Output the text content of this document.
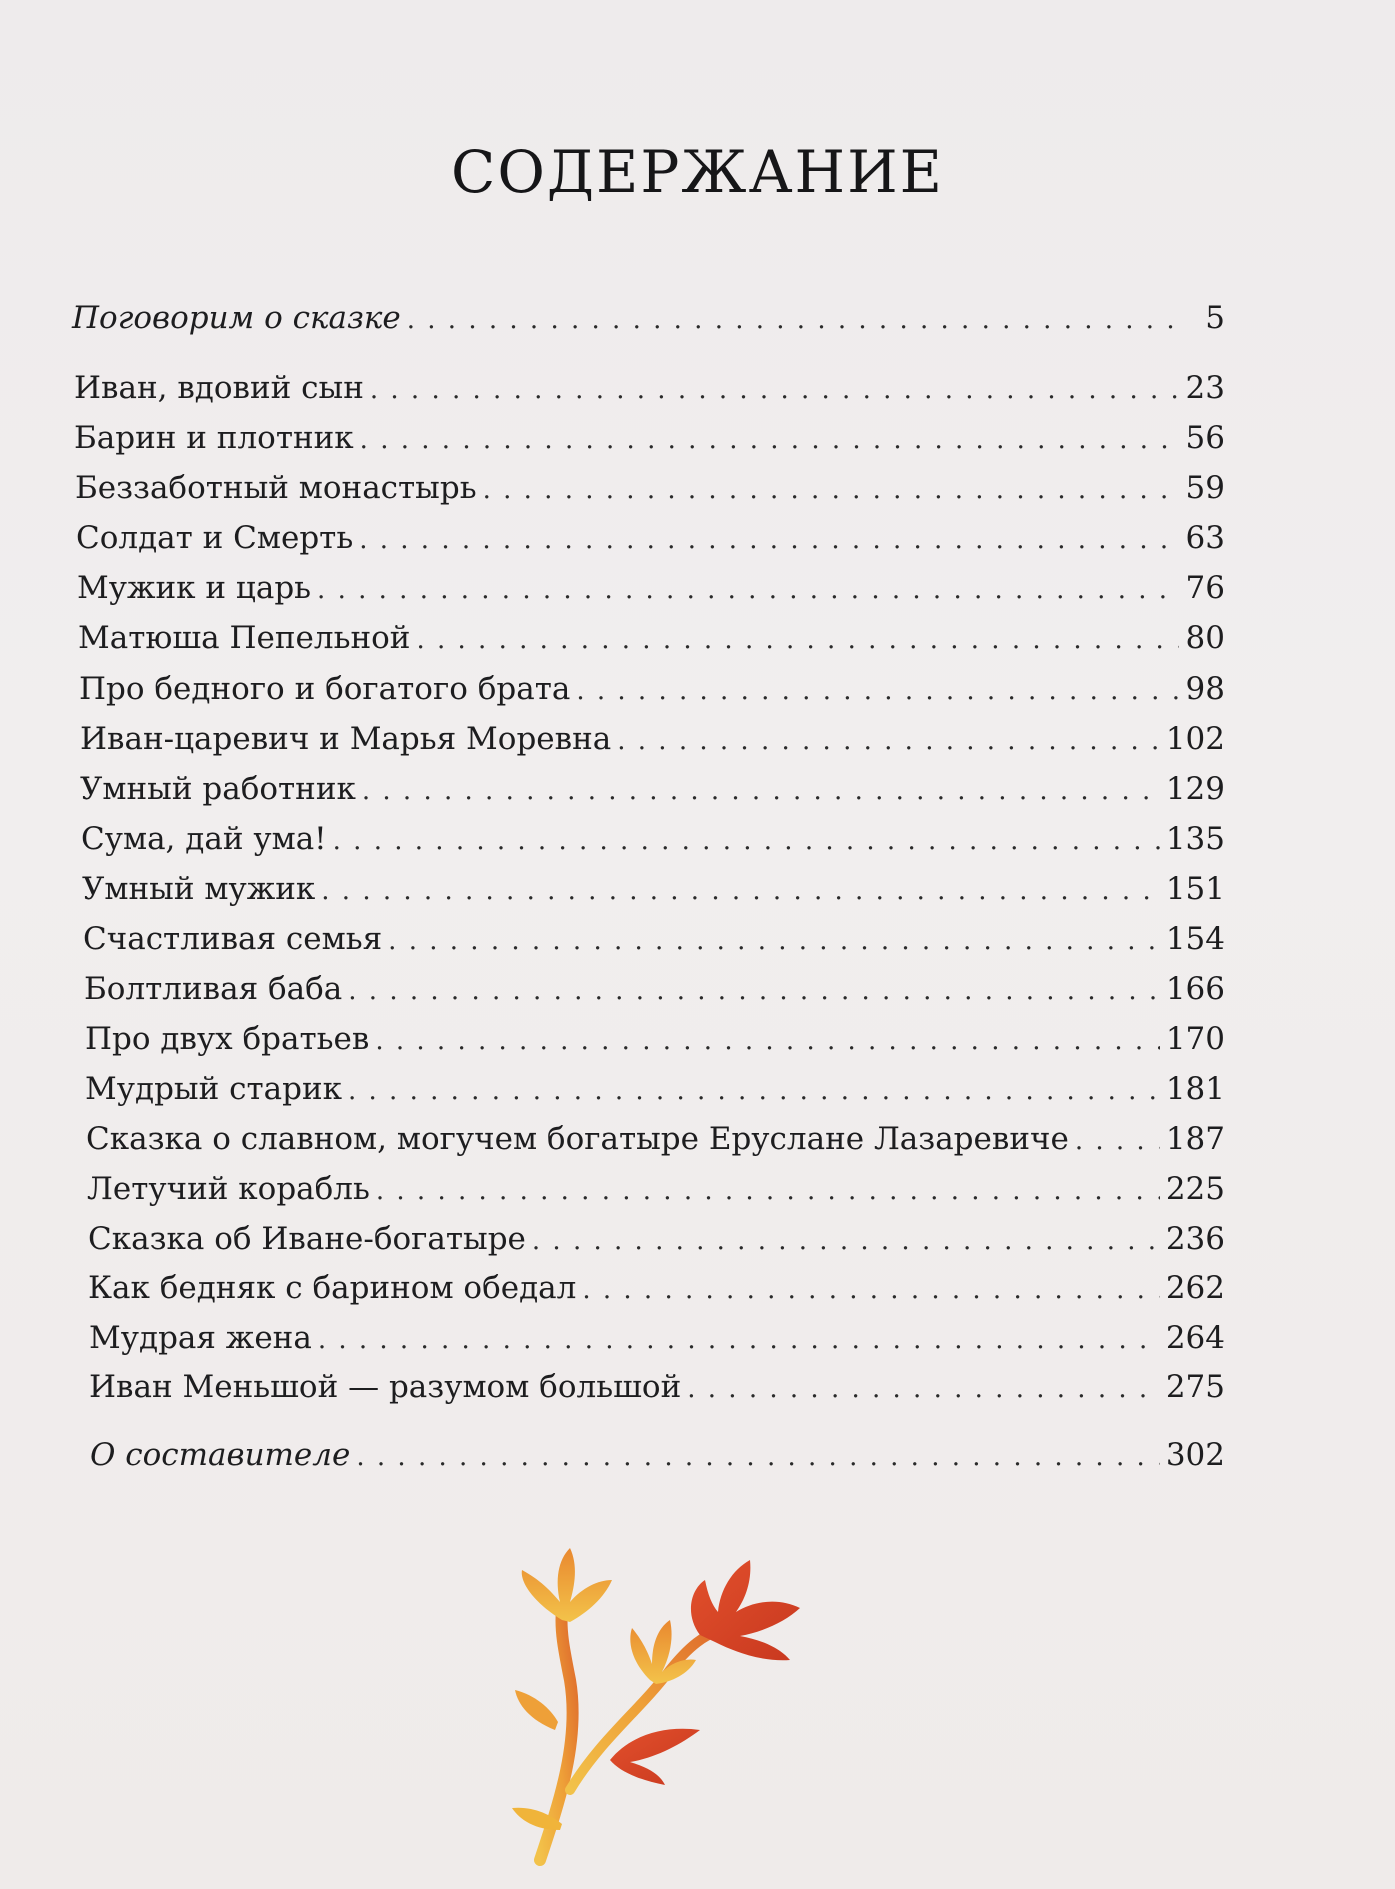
СОДЕРЖАНИЕ
Поговорим о сказке . . .	5
Иван, вдовий сын . . .	23
Барин и плотник . . .	56
Беззаботный монастырь . . .	59
Солдат и Смерть . . .	63
Мужик и царь . . .	76
Матюша Пепельной . . .	80
Про бедного и богатого брата . . .	98
Иван-царевич и Марья Моревна . . .	102
Умный работник . . .	129
Сума, дай ума! . . .	135
Умный мужик . . .	151
Счастливая семья . . .	154
Болтливая баба . . .	166
Про двух братьев . . .	170
Мудрый старик . . .	181
Сказка о славном, могучем богатыре Еруслане Лазаревиче . . .	187
Летучий корабль . . .	225
Сказка об Иване-богатыре . . .	236
Как бедняк с барином обедал . . .	262
Мудрая жена . . .	264
Иван Меньшой — разумом большой . . .	275
О составителе . . .	302
